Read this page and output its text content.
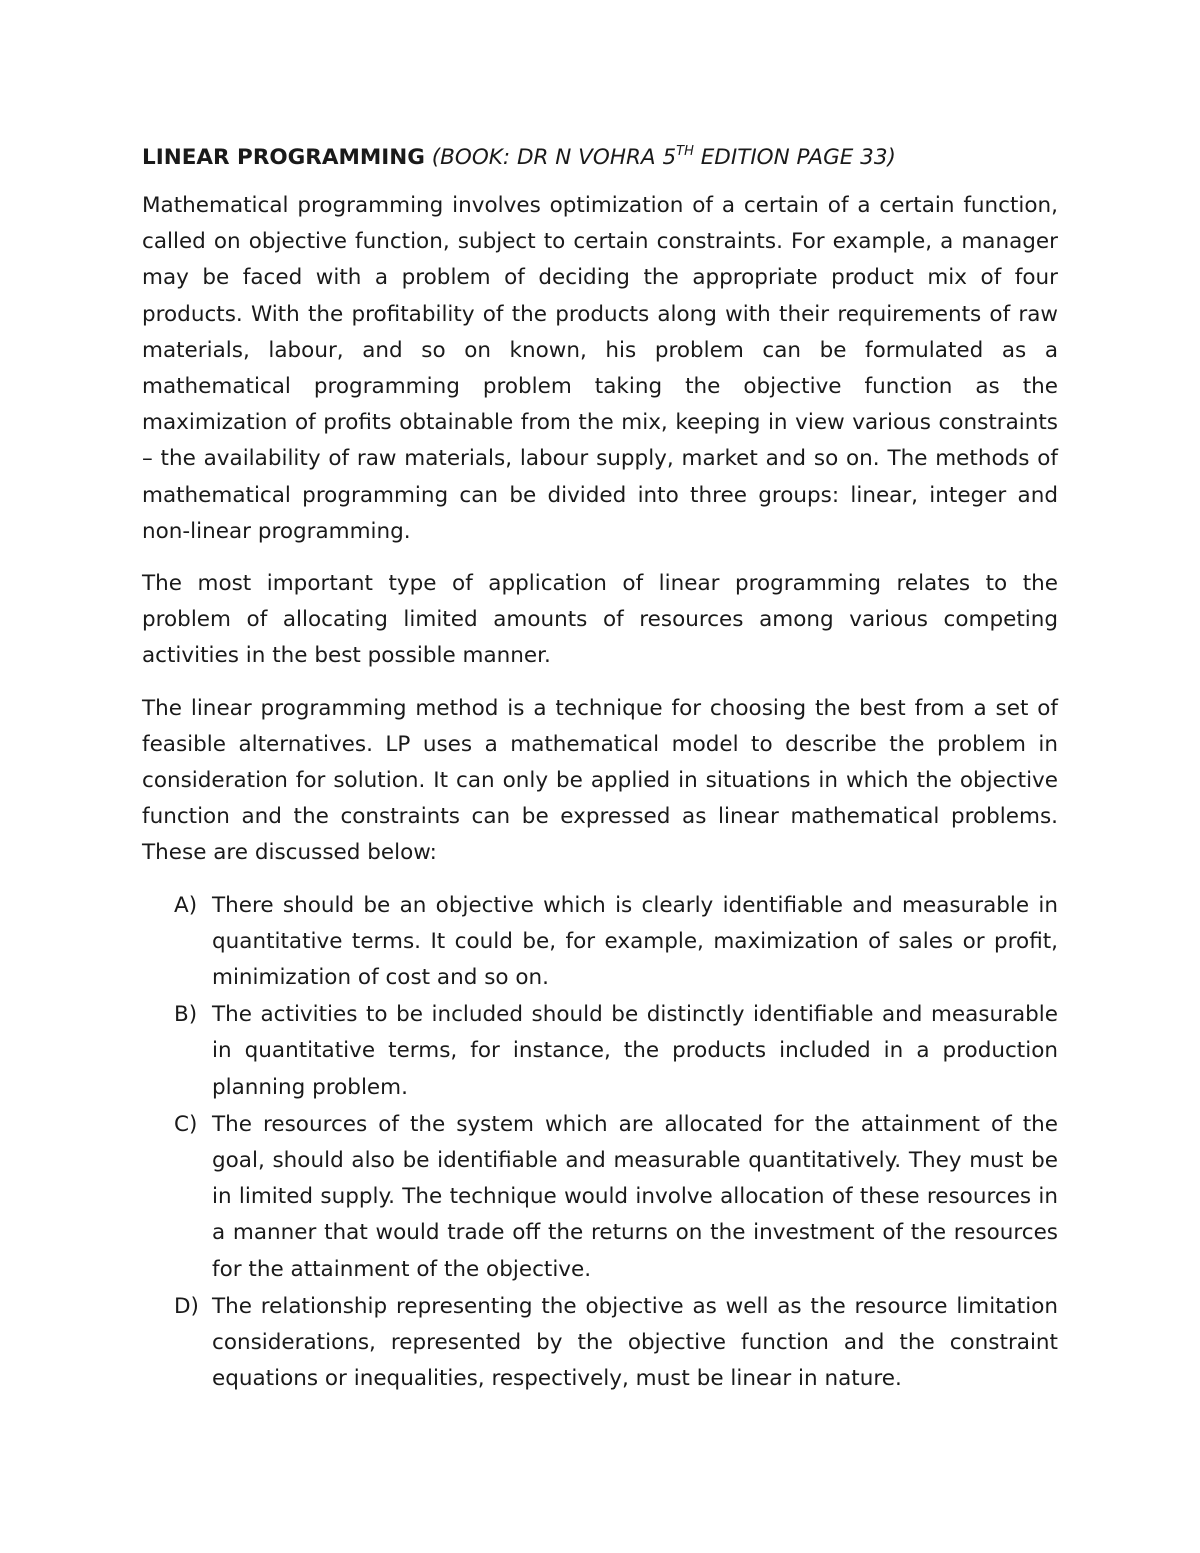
LINEAR PROGRAMMING (BOOK: DR N VOHRA 5TH EDITION PAGE 33)

Mathematical programming involves optimization of a certain of a certain function, called on objective function, subject to certain constraints. For example, a manager may be faced with a problem of deciding the appropriate product mix of four products. With the profitability of the products along with their requirements of raw materials, labour, and so on known, his problem can be formulated as a mathematical programming problem taking the objective function as the maximization of profits obtainable from the mix, keeping in view various constraints – the availability of raw materials, labour supply, market and so on. The methods of mathematical programming can be divided into three groups: linear, integer and non-linear programming.

The most important type of application of linear programming relates to the problem of allocating limited amounts of resources among various competing activities in the best possible manner.

The linear programming method is a technique for choosing the best from a set of feasible alternatives. LP uses a mathematical model to describe the problem in consideration for solution. It can only be applied in situations in which the objective function and the constraints can be expressed as linear mathematical problems. These are discussed below:

A) There should be an objective which is clearly identifiable and measurable in quantitative terms. It could be, for example, maximization of sales or profit, minimization of cost and so on.
B) The activities to be included should be distinctly identifiable and measurable in quantitative terms, for instance, the products included in a production planning problem.
C) The resources of the system which are allocated for the attainment of the goal, should also be identifiable and measurable quantitatively. They must be in limited supply. The technique would involve allocation of these resources in a manner that would trade off the returns on the investment of the resources for the attainment of the objective.
D) The relationship representing the objective as well as the resource limitation considerations, represented by the objective function and the constraint equations or inequalities, respectively, must be linear in nature.
